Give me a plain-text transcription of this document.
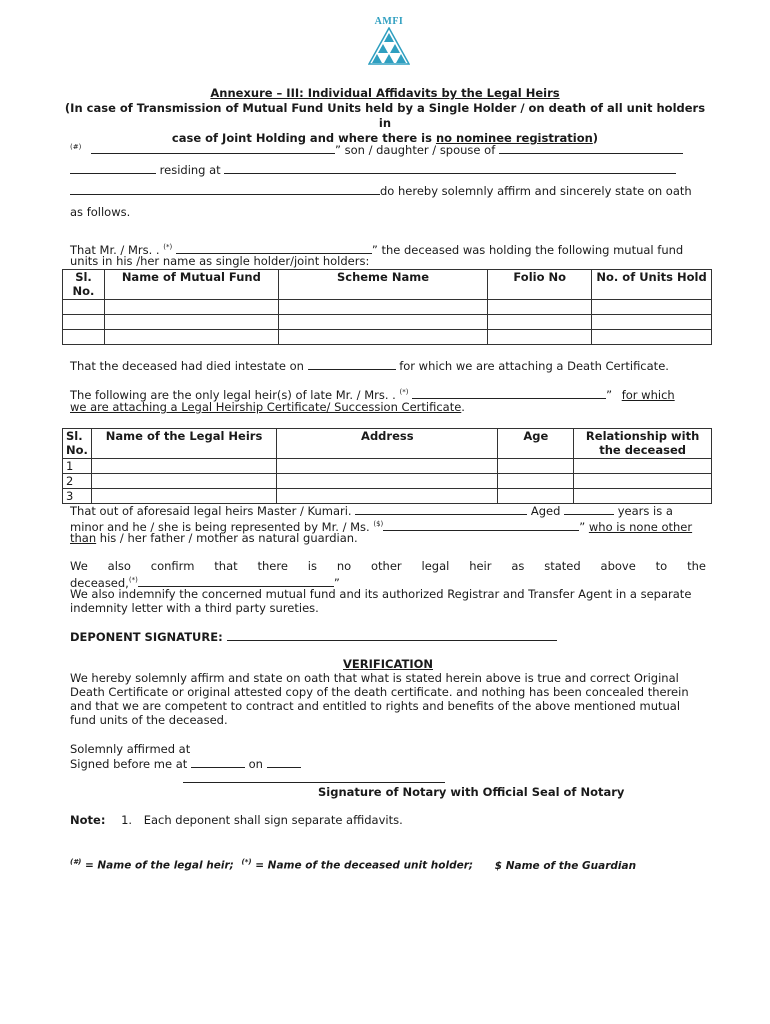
AMFI
Annexure – III: Individual Affidavits by the Legal Heirs
(In case of Transmission of Mutual Fund Units held by a Single Holder / on death of all unit holders in
case of Joint Holding and where there is no nominee registration)
(#)	” son / daughter / spouse of
residing at
do hereby solemnly affirm and sincerely state on oath
as follows.
That Mr. / Mrs. . (*)	” the deceased was holding the following mutual fund
units in his /her name as single holder/joint holders:
Sl. No.	Name of Mutual Fund	Scheme Name	Folio No	No. of Units Hold

That the deceased had died intestate on	for which we are attaching a Death Certificate.
The following are the only legal heir(s) of late Mr. / Mrs. . (*)	” for which
we are attaching a Legal Heirship Certificate/ Succession Certificate.
Sl. No.	Name of the Legal Heirs	Address	Age	Relationship with the deceased
1				
2				
3				
That out of aforesaid legal heirs Master / Kumari.	Aged	years is a
minor and he / she is being represented by Mr. / Ms. ($)	” who is none other
than his / her father / mother as natural guardian.
We also confirm that there is no other legal heir as stated above to the
deceased,(*)	”
We also indemnify the concerned mutual fund and its authorized Registrar and Transfer Agent in a separate
indemnity letter with a third party sureties.
DEPONENT SIGNATURE:
VERIFICATION
We hereby solemnly affirm and state on oath that what is stated herein above is true and correct Original
Death Certificate or original attested copy of the death certificate. and nothing has been concealed therein
and that we are competent to contract and entitled to rights and benefits of the above mentioned mutual
fund units of the deceased.
Solemnly affirmed at
Signed before me at	on
Signature of Notary with Official Seal of Notary
Note: 1. Each deponent shall sign separate affidavits.
(#) = Name of the legal heir; (*) = Name of the deceased unit holder; $ Name of the Guardian
